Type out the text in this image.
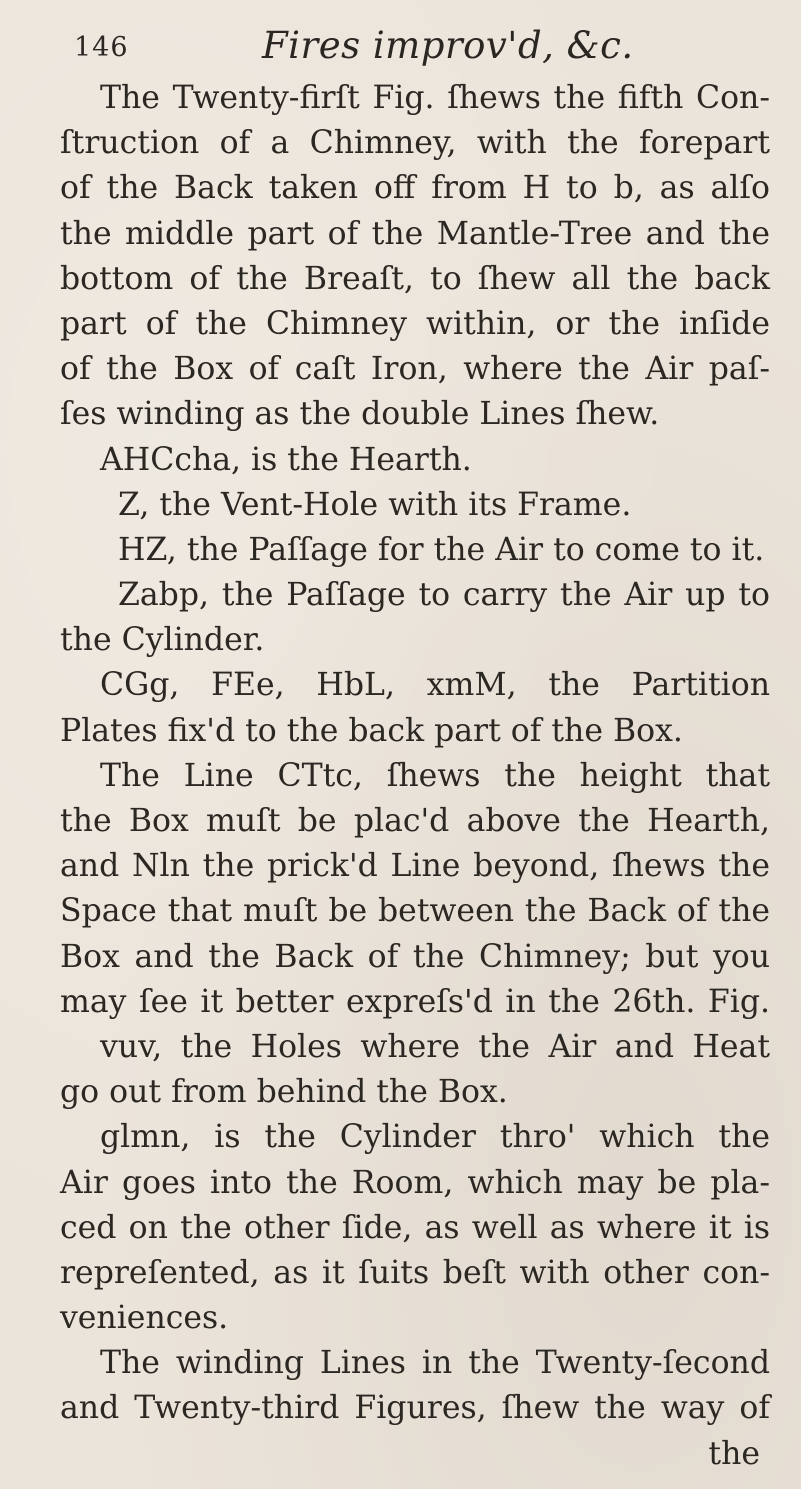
146	Fires improv'd, &c.
The Twenty-firſt Fig. ſhews the fifth Con-
ſtruction of a Chimney, with the forepart
of the Back taken off from H to b, as alſo
the middle part of the Mantle-Tree and the
bottom of the Breaſt, to ſhew all the back
part of the Chimney within, or the inſide
of the Box of caſt Iron, where the Air paſ-
ſes winding as the double Lines ſhew.
AHCcha, is the Hearth.
Z, the Vent-Hole with its Frame.
HZ, the Paſſage for the Air to come to it.
Zabp, the Paſſage to carry the Air up to
the Cylinder.
CGg, FEe, HbL, xmM, the Partition
Plates fix'd to the back part of the Box.
The Line CTtc, ſhews the height that
the Box muſt be plac'd above the Hearth,
and Nln the prick'd Line beyond, ſhews the
Space that muſt be between the Back of the
Box and the Back of the Chimney; but you
may ſee it better expreſs'd in the 26th. Fig.
vuv, the Holes where the Air and Heat
go out from behind the Box.
glmn, is the Cylinder thro' which the
Air goes into the Room, which may be pla-
ced on the other ſide, as well as where it is
repreſented, as it ſuits beſt with other con-
veniences.
The winding Lines in the Twenty-ſecond
and Twenty-third Figures, ſhew the way of
the
